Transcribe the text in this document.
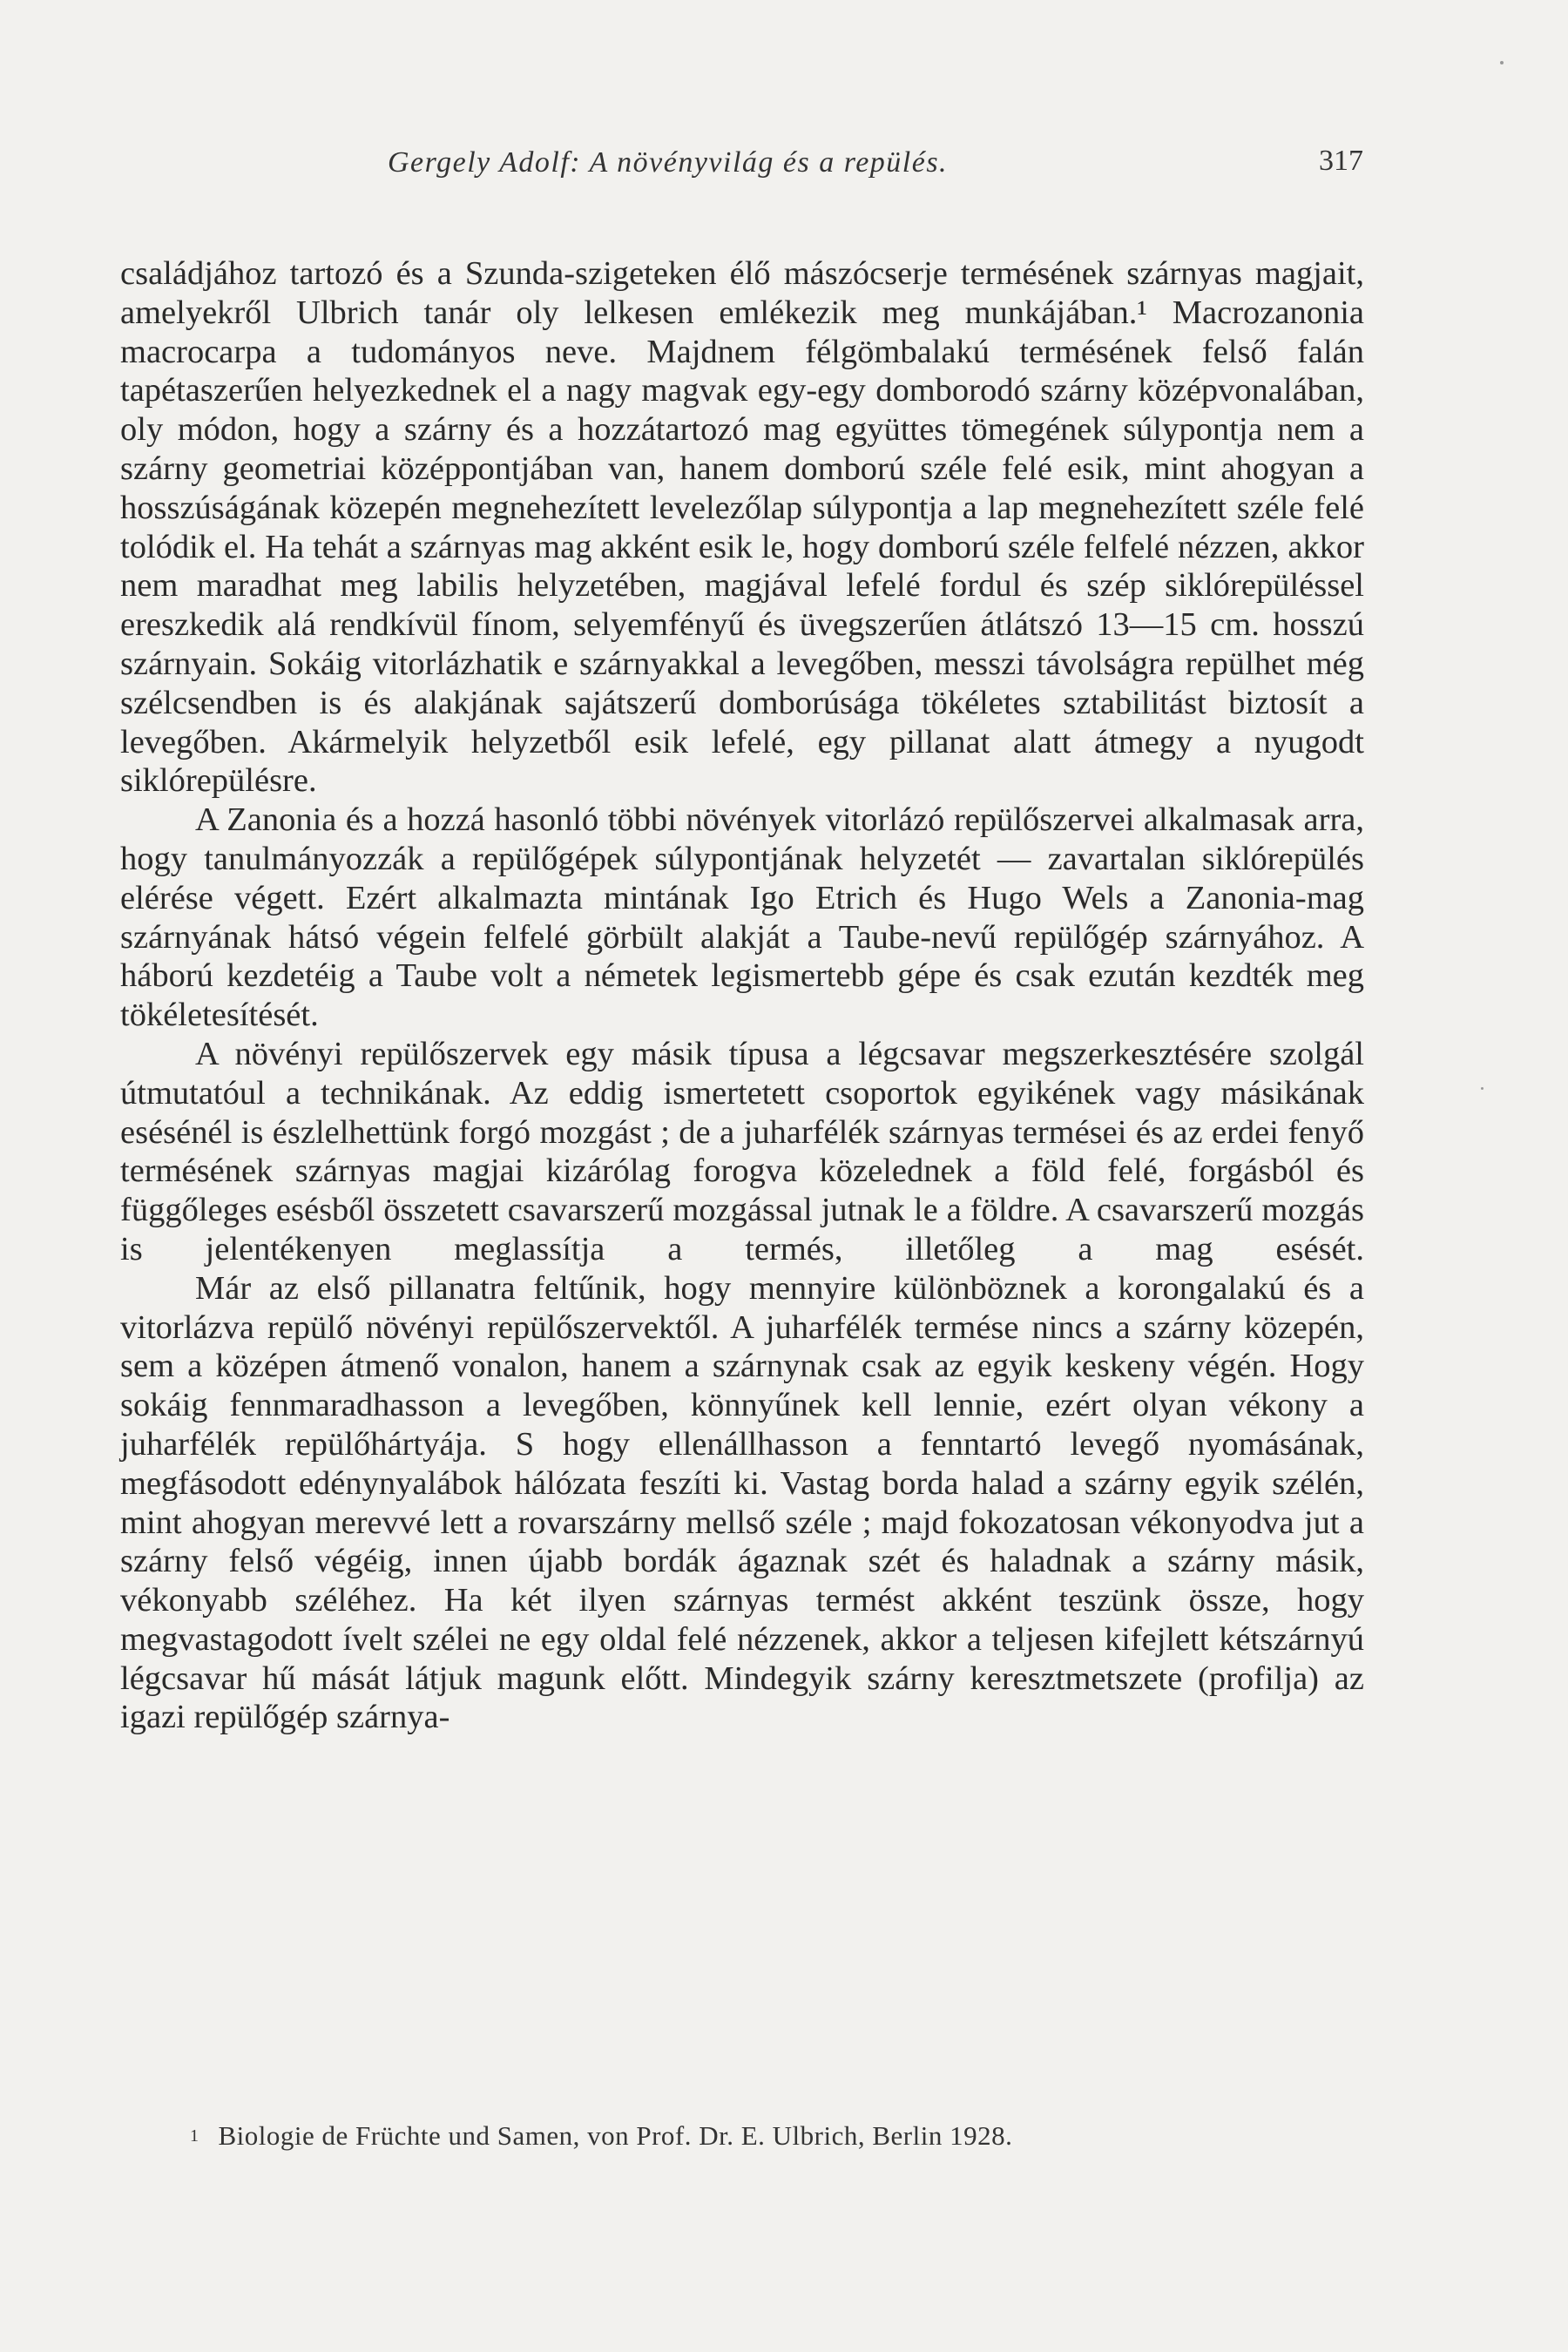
Gergely Adolf: A növényvilág és a repülés.	317

családjához tartozó és a Szunda-szigeteken élő mászócserje termésének szárnyas magjait, amelyekről Ulbrich tanár oly lelkesen emlékezik meg munkájában.¹ Macrozanonia macrocarpa a tudományos neve. Majdnem félgömbalakú termésének felső falán tapétaszerűen helyezkednek el a nagy magvak egy-egy domborodó szárny középvonalában, oly módon, hogy a szárny és a hozzátartozó mag együttes tömegének súlypontja nem a szárny geometriai középpontjában van, hanem domború széle felé esik, mint ahogyan a hosszúságának közepén megnehezített levelezőlap súlypontja a lap megnehezített széle felé tolódik el. Ha tehát a szárnyas mag akként esik le, hogy domború széle felfelé nézzen, akkor nem maradhat meg labilis helyzetében, magjával lefelé fordul és szép siklórepüléssel ereszkedik alá rendkívül fínom, selyemfényű és üvegszerűen átlátszó 13—15 cm. hosszú szárnyain. Sokáig vitorlázhatik e szárnyakkal a levegőben, messzi távolságra repülhet még szélcsendben is és alakjának sajátszerű domborúsága tökéletes sztabilitást biztosít a levegőben. Akármelyik helyzetből esik lefelé, egy pillanat alatt átmegy a nyugodt siklórepülésre.

A Zanonia és a hozzá hasonló többi növények vitorlázó repülőszervei alkalmasak arra, hogy tanulmányozzák a repülőgépek súlypontjának helyzetét — zavartalan siklórepülés elérése végett. Ezért alkalmazta mintának Igo Etrich és Hugo Wels a Zanonia-mag szárnyának hátsó végein felfelé görbült alakját a Taube-nevű repülőgép szárnyához. A háború kezdetéig a Taube volt a németek legismertebb gépe és csak ezután kezdték meg tökéletesítését.

A növényi repülőszervek egy másik típusa a légcsavar megszerkesztésére szolgál útmutatóul a technikának. Az eddig ismertetett csoportok egyikének vagy másikának esésénél is észlelhettünk forgó mozgást ; de a juharfélék szárnyas termései és az erdei fenyő termésének szárnyas magjai kizárólag forogva közelednek a föld felé, forgásból és függőleges esésből összetett csavarszerű mozgással jutnak le a földre. A csavarszerű mozgás is jelentékenyen meglassítja a termés, illetőleg a mag esését.

Már az első pillanatra feltűnik, hogy mennyire különböznek a korongalakú és a vitorlázva repülő növényi repülőszervektől. A juharfélék termése nincs a szárny közepén, sem a középen átmenő vonalon, hanem a szárnynak csak az egyik keskeny végén. Hogy sokáig fennmaradhasson a levegőben, könnyűnek kell lennie, ezért olyan vékony a juharfélék repülőhártyája. S hogy ellenállhasson a fenntartó levegő nyomásának, megfásodott edénynyalábok hálózata feszíti ki. Vastag borda halad a szárny egyik szélén, mint ahogyan merevvé lett a rovarszárny mellső széle ; majd fokozatosan vékonyodva jut a szárny felső végéig, innen újabb bordák ágaznak szét és haladnak a szárny másik, vékonyabb széléhez. Ha két ilyen szárnyas termést akként teszünk össze, hogy megvastagodott ívelt szélei ne egy oldal felé nézzenek, akkor a teljesen kifejlett kétszárnyú légcsavar hű mását látjuk magunk előtt. Mindegyik szárny keresztmetszete (profilja) az igazi repülőgép szárnya-

1 Biologie de Früchte und Samen, von Prof. Dr. E. Ulbrich, Berlin 1928.
